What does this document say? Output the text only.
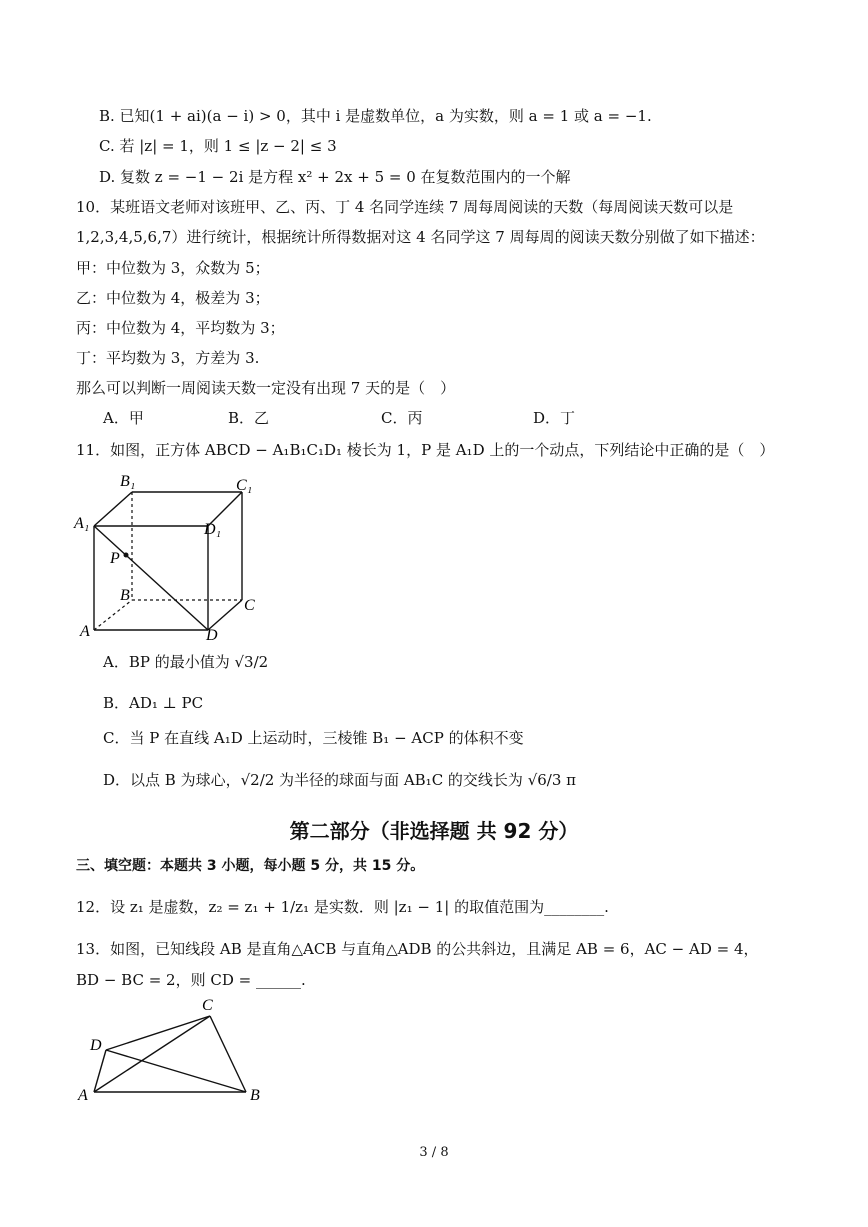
B. 已知(1 + ai)(a − i) > 0，其中 i 是虚数单位，a 为实数，则 a = 1 或 a = −1.
C. 若 |z| = 1，则 1 ≤ |z − 2| ≤ 3
D. 复数 z = −1 − 2i 是方程 x² + 2x + 5 = 0 在复数范围内的一个解
10．某班语文老师对该班甲、乙、丙、丁 4 名同学连续 7 周每周阅读的天数（每周阅读天数可以是
1,2,3,4,5,6,7）进行统计，根据统计所得数据对这 4 名同学这 7 周每周的阅读天数分别做了如下描述：
甲：中位数为 3，众数为 5；
乙：中位数为 4，极差为 3；
丙：中位数为 4，平均数为 3；
丁：平均数为 3，方差为 3.
那么可以判断一周阅读天数一定没有出现 7 天的是（　）
A．甲	B．乙	C．丙	D．丁
11．如图，正方体 ABCD − A₁B₁C₁D₁ 棱长为 1，P 是 A₁D 上的一个动点，下列结论中正确的是（　）
B₁	C₁
A₁	D₁
P
B
C
A	D
A．BP 的最小值为 √3/2
B．AD₁ ⊥ PC
C．当 P 在直线 A₁D 上运动时，三棱锥 B₁ − ACP 的体积不变
D．以点 B 为球心，√2/2 为半径的球面与面 AB₁C 的交线长为 √6/3 π
第二部分（非选择题 共 92 分）
三、填空题：本题共 3 小题，每小题 5 分，共 15 分。
12．设 z₁ 是虚数，z₂ = z₁ + 1/z₁ 是实数．则 |z₁ − 1| 的取值范围为________.
13．如图，已知线段 AB 是直角△ACB 与直角△ADB 的公共斜边，且满足 AB = 6，AC − AD = 4，
BD − BC = 2，则 CD = ______.
C
D
A	B
3 / 8
